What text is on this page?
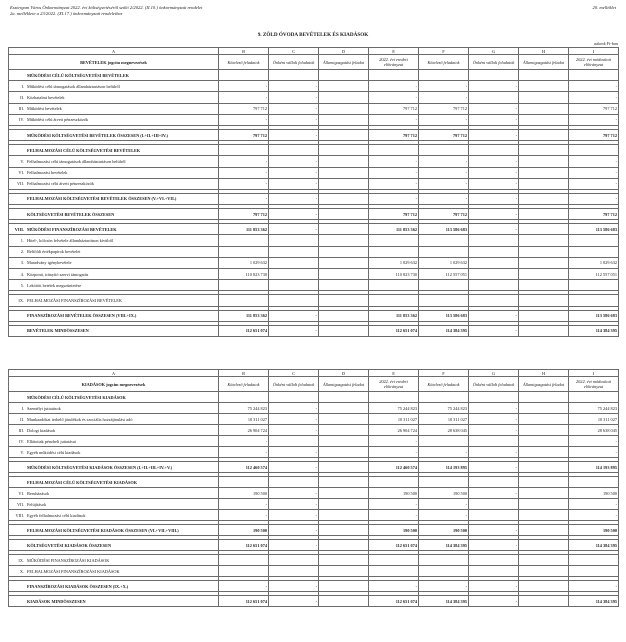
Esztergom Város Önkormányzat 2022. évi költségvetéséről szóló 2/2022. (II.10.) önkormányzati rendelet
2a. melléklete a 23/2022. (XI.17.) önkormányzati rendelethez
20. melléklet
9. ZÖLD ÓVODA BEVÉTELEK ÉS KIADÁSOK
adatok Ft-ban
A	B	C	D	E	F	G	H	I
BEVÉTELEK jogcím megnevezések	Kötelező feladatok	Önként vállalt feladatok	Államigazgatási feladat	2022. évi eredeti előirányzat	Kötelező feladatok	Önként vállalt feladatok	Államigazgatási feladat	2022. évi módosított előirányzat
MŰKÖDÉSI CÉLÚ KÖLTSÉGVETÉSI BEVÉTELEK								
I. Működési célú támogatások államháztartáson belülről	-	-		-	-	-		-
II. Közhatalmi bevételek	-	-		-	-			-
III. Működési bevételek	797 712	-		797 712	797 712	-		797 712
IV. Működési célú átvett pénzeszközök	-	-		-	-	-		-

MŰKÖDÉSI KÖLTSÉGVETÉSI BEVÉTELEK ÖSSZESEN (I.+II.+III+IV.)	797 712	-		797 712	797 712	-		797 712

FELHALMOZÁSI CÉLÚ KÖLTSÉGVETÉSI BEVÉTELEK								
V. Felhalmozási célú támogatások államháztartáson belülről	-	-		-	-	-		-
VI. Felhalmozási bevételek	-	-		-	-	-		-
VII. Felhalmozási célú átvett pénzeszközök	-	-		-	-	-		-

FELHALMOZÁSI KÖLTSÉGVETÉSI BEVÉTELEK ÖSSZESEN (V.+VI.+VII.)	-	-		-	-	-		-

KÖLTSÉGVETÉSI BEVÉTELEK ÖSSZESEN	797 712	-		797 712	797 712	-		797 712

VIII. MŰKÖDÉSI FINANSZÍROZÁSI BEVÉTELEK	111 853 362	-		111 853 362	113 586 683	-		113 586 683
1. Hitel-, kölcsön felvétele államháztartáson kívülről								
2. Belföldi értékpapírok bevételei								
3. Maradvány igénybevétele	1 029 632			1 029 632	1 029 632			1 029 632
4. Központi, irányító szervi támogatás	110 823 730			110 823 730	112 557 051			112 557 051
5. Lekötött betétek megszüntetése								

IX. FELHALMOZÁSI FINANSZÍROZÁSI BEVÉTELEK								

FINANSZÍROZÁSI BEVÉTELEK ÖSSZESEN (VIII.+IX.)	111 853 362	-		111 853 362	113 586 683	-		113 586 683

BEVÉTELEK MINDÖSSZESEN	112 651 074	-		112 651 074	114 384 395	-		114 384 395
A	B	C	D	E	F	G	H	I
KIADÁSOK jogcím megnevezések	Kötelező feladatok	Önként vállalt feladatok	Államigazgatási feladat	2022. évi eredeti előirányzat	Kötelező feladatok	Önként vállalt feladatok	Államigazgatási feladat	2022. évi módosított előirányzat
MŰKÖDÉSI CÉLÚ KÖLTSÉGVETÉSI KIADÁSOK								
I. Személyi juttatások	75 244 823	-		75 244 823	75 244 823	-		75 244 823
II. Munkaadókat terhelő járulékok és szociális hozzájárulási adó	10 311 027	-		10 311 027	10 311 027	-		10 311 027
III. Dologi kiadások	26 904 724	-		26 904 724	28 638 045	-		28 638 045
IV. Ellátottak pénzbeli juttatásai	-			-				-
V. Egyéb működési célú kiadások	-	-		-	-	-		-

MŰKÖDÉSI KÖLTSÉGVETÉSI KIADÁSOK ÖSSZESEN (I.+II.+III.+IV.+V.)	112 460 574	-		112 460 574	114 193 895	-		114 193 895

FELHALMOZÁSI CÉLÚ KÖLTSÉGVETÉSI KIADÁSOK								
VI. Beruházások	190 500	-		190 500	190 500	-		190 500
VII. Felújítások	-	-		-	-			-
VIII. Egyéb felhalmozási célú kiadások	-	-		-	-			-

FELHALMOZÁSI KÖLTSÉGVETÉSI KIADÁSOK ÖSSZESEN (VI.+VII.+VIII.)	190 500	-		190 500	190 500	-		190 500

KÖLTSÉGVETÉSI KIADÁSOK ÖSSZESEN	112 651 074	-		112 651 074	114 384 395	-		114 384 395

IX. MŰKÖDÉSI FINANSZÍROZÁSI KIADÁSOK								
X. FELHALMOZÁSI FINANSZÍROZÁSI KIADÁSOK								

FINANSZÍROZÁSI KIADÁSOK ÖSSZESEN (IX.+X.)	-	-		-	-	-		-

KIADÁSOK MINDÖSSZESEN	112 651 074	-		112 651 074	114 384 395	-		114 384 395
